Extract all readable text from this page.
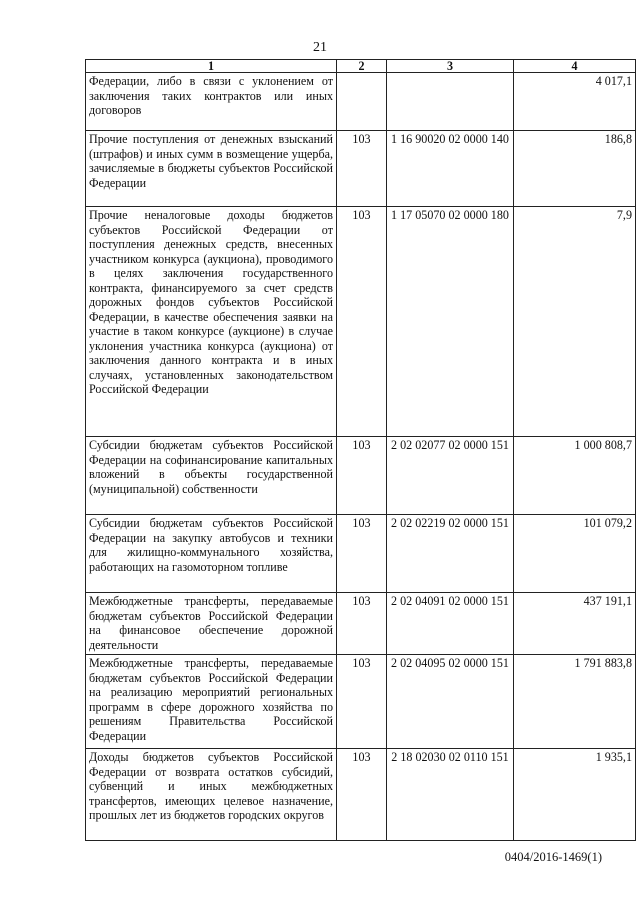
21
1	2	3	4
Федерации, либо в связи с уклонением от заключения таких контрактов или иных договоров			4 017,1
Прочие поступления от денежных взысканий (штрафов) и иных сумм в возмещение ущерба, зачисляемые в бюджеты субъектов Российской Федерации	103	1 16 90020 02 0000 140	186,8
Прочие неналоговые доходы бюджетов субъектов Российской Федерации от поступления денежных средств, внесенных участником конкурса (аукциона), проводимого в целях заключения государственного контракта, финансируемого за счет средств дорожных фондов субъектов Российской Федерации, в качестве обеспечения заявки на участие в таком конкурсе (аукционе) в случае уклонения участника конкурса (аукциона) от заключения данного контракта и в иных случаях, установленных законодательством Российской Федерации	103	1 17 05070 02 0000 180	7,9
Субсидии бюджетам субъектов Российской Федерации на софинансирование капитальных вложений в объекты государственной (муниципальной) собственности	103	2 02 02077 02 0000 151	1 000 808,7
Субсидии бюджетам субъектов Российской Федерации на закупку автобусов и техники для жилищно-коммунального хозяйства, работающих на газомоторном топливе	103	2 02 02219 02 0000 151	101 079,2
Межбюджетные трансферты, передаваемые бюджетам субъектов Российской Федерации на финансовое обеспечение дорожной деятельности	103	2 02 04091 02 0000 151	437 191,1
Межбюджетные трансферты, передаваемые бюджетам субъектов Российской Федерации на реализацию мероприятий региональных программ в сфере дорожного хозяйства по решениям Правительства Российской Федерации	103	2 02 04095 02 0000 151	1 791 883,8
Доходы бюджетов субъектов Российской Федерации от возврата остатков субсидий, субвенций и иных межбюджетных трансфертов, имеющих целевое назначение, прошлых лет из бюджетов городских округов	103	2 18 02030 02 0110 151	1 935,1
0404/2016-1469(1)
